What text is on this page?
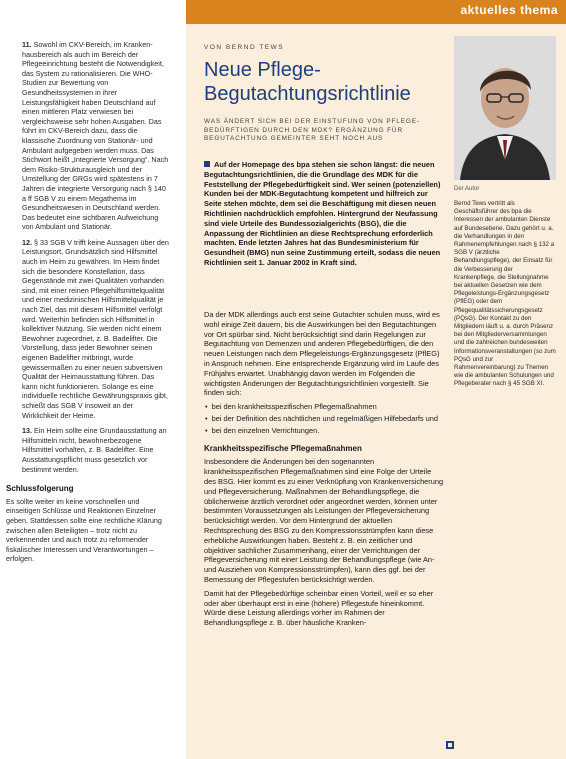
11. Sowohl im CKV-Bereich, im Kranken-hausbereich als auch im Bereich der Pflegeeinrichtung besteht die Notwendigkeit, das System zu rationalisieren. Die WHO-Studien zur Bewertung von Gesundheitssystemen in ihrer Leistungsfähigkeit haben Deutschland auf einen mittleren Platz verwiesen bei vergleichsweise sehr hohen Ausgaben. Das führt im CKV-Bereich dazu, dass die klassische Zuordnung von Stationär- und Ambulant aufgegeben werden muss. Das Stichwort heißt „Integrierte Versorgung“. Nach dem Risiko-Strukturausgleich und der Umstellung der GRGs wird spätestens in 7 Jahren die integrierte Versorgung nach § 140 a ff SGB V zu einem Megathema im Gesundheitswesen in Deutschland werden. Das bedeutet eine sichtbaren Aufweichung von Ambulant und Stationär.
12. § 33 SGB V trifft keine Aussagen über den Leistungsort, Grundsätzlich sind Hilfsmittel auch im Heim zu gewähren. Im Heim findet sich die besondere Konstellation, dass Gegenstände mit zwei Qualitäten vorhanden sind, mit einer reinen Pflegehilfsmittelqualität und einer medizinischen Hilfsmittelqualität je nach Ziel, das mit diesem Hilfsmittel verfolgt wird. Weiterhin befinden sich Hilfsmittel in kollektiver Nutzung. Sie werden nicht einem Bewohner zugeordnet, z. B. Badelifter. Die Vorstellung, dass jeder Bewohner seinen eigenen Badelifter mitbringt, wurde gewissermaßen zu einer neuen subversiven Qualität der Heimausstattung führen. Das kann nicht funktionieren. Solange es eine individuelle rechtliche Gewährungspraxis gibt, schießt das SGB V insoweit an der Wirklichkeit der Heime.
13. Ein Heim sollte eine Grundausstattung an Hilfsmitteln nicht, bewohnerbezogene Hilfsmittel vorhalten, z. B. Badelifter. Eine Ausstattungspflicht muss gesetzlich vor bestimmt werden.
Schlussfolgerung

Es sollte weiter im keine vorschnellen und einseitigen Schlüsse und Reaktionen Einzelner geben. Stattdessen sollte eine rechtliche Klärung zwischen allen Beteiligten – trotz nicht zu verkennender und auch trotz zu reformender fiskalischer Interessen und Verantwortungen – erfolgen.

aktuelles thema
VON BERND TEWS
Neue Pflege-
Begutachtungsrichtlinie
WAS ÄNDERT SICH BEI DER EINSTUFUNG VON PFLEGE-BEDÜRFTIGEN DURCH DEN MDK? ERGÄNZUNG FÜR BEGUTACHTUNG GEMEINTER SEHT NOCH AUS
Auf der Homepage des bpa stehen sie schon längst: die neuen Begutachtungsrichtlinien, die die Grundlage des MDK für die Feststellung der Pflegebedürftigkeit sind. Wer seinen (potenziellen) Kunden bei der MDK-Begutachtung kompetent und hilfreich zur Seite stehen möchte, dem sei die Beschäftigung mit diesen neuen Richtlinien nachdrücklich empfohlen. Hintergrund der Neufassung sind viele Urteile des Bundessozialgerichts (BSG), die die Anpassung der Richtlinien an diese Rechtsprechung erforderlich machten. Ende letzten Jahres hat das Bundesministerium für Gesundheit (BMG) nun seine Zustimmung erteilt, sodass die neuen Richtlinien seit 1. Januar 2002 in Kraft sind.

Da der MDK allerdings auch erst seine Gutachter schulen muss, wird es wohl einige Zeit dauern, bis die Auswirkungen bei den Begutachtungen vor Ort spürbar sind. Nicht berücksichtigt sind darin Regelungen zur Begutachtung von Demenzen und anderen Pflegebedürftigen, die den neuen Leistungen nach dem Pflegeleistungs-Ergänzungsgesetz (PflEG) in Anspruch nehmen. Eine entsprechende Ergänzung wird im Laufe des Frühjahrs erwartet. Unabhängig davon werden im Folgenden die wichtigsten Änderungen der Begutachtungsrichtlinien vorgestellt. Sie finden sich:

• bei den krankheitsspezifischen Pflegemaßnahmen
• bei der Definition des nächtlichen und regelmäßigen Hilfebedarfs und
• bei den einzelnen Verrichtungen.
Krankheitsspezifische Pflegemaßnahmen

Insbesondere die Änderungen bei den sogenannten krankheitsspezifischen Pflegemaßnahmen sind eine Folge der Urteile des BSG. Hier kommt es zu einer Verknüpfung von Krankenversicherung und Pflegeversicherung. Maßnahmen der Behandlungspflege, die üblicherweise ärztlich verordnet oder angeordnet werden, können unter bestimmten Voraussetzungen als Leistungen der Pflegeversicherung berücksichtigt werden. Vor dem Hintergrund der aktuellen Rechtsprechung des BSG zu den Kompressionsstrümpfen kann diese erhebliche Auswirkungen haben. Besteht z. B. ein zeitlicher und objektiver sachlicher Zusammenhang, einer der Verrichtungen der Pflegeversicherung mit einer Leistung der Behandlungspflege (wie An- und Ausziehen von Kompressionsstrümpfen), kann dies ggf. bei der Bemessung der Pflegestufen berücksichtigt werden.

Damit hat der Pflegebedürftige scheinbar einen Vorteil, weil er so eher oder aber überhaupt erst in eine (höhere) Pflegestufe hineinkommt. Würde diese Leistung allerdings vorher im Rahmen der Behandlungspflege z. B. über häusliche Kranken-

Der Autor
Bernd Tews vertritt als Geschäftsführer des bpa die Interessen der ambulanten Dienste auf Bundesebene. Dazu gehört u. a. die Verhandlungen in den Rahmenempfehlungen nach § 132 a SGB V (ärztliche Behandlungspflege), der Einsatz für die Verbesserung der Krankenpflege, die Stellungnahme bei aktuellen Gesetzen wie dem Pflegeleistungs-Ergänzungsgesetz (PflEG) oder dem Pflegequalitätssicherungsgesetz (PQsG). Der Kontakt zu den Mitgliedern läuft u. a. durch Präsenz bei den Mitgliederversammlungen und die zahlreichen bundesweiten Informationsveranstaltungen (so zum PQsG und zur Rahmenvereinbarung) zu Themen wie die ambulanten Schulungen und Pflegeberater nach § 45 SGB XI.
